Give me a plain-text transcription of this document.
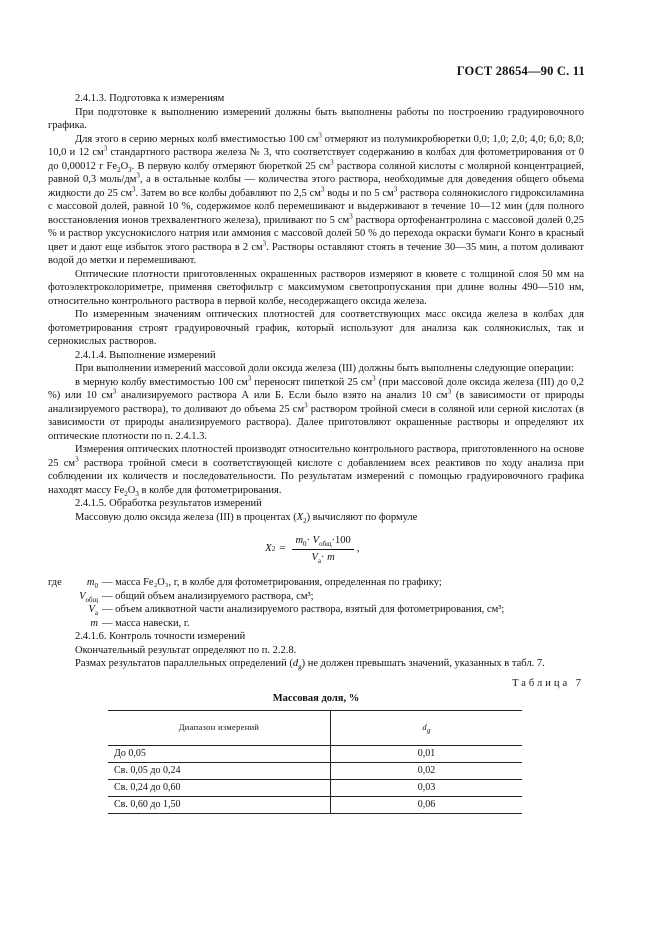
ГОСТ 28654—90 С. 11

2.4.1.3. Подготовка к измерениям

При подготовке к выполнению измерений должны быть выполнены работы по построению градуировочного графика.

Для этого в серию мерных колб вместимостью 100 $см^3$ отмеряют из полумикробюретки 0,0; 1,0; 2,0; 4,0; 6,0; 8,0; 10,0 и 12 $см^3$ стандартного раствора железа № 3, что соответствует содержанию в колбах для фотометрирования от 0 до 0,00012 г $Fe_2O_3$. В первую колбу отмеряют бюреткой 25 $см^3$ раствора соляной кислоты с молярной концентрацией, равной 0,3 моль/$дм^3$, а в остальные колбы — количества этого раствора, необходимые для доведения общего объема жидкости до 25 $см^3$. Затем во все колбы добавляют по 2,5 $см^3$ воды и по 5 $см^3$ раствора солянокислого гидроксиламина с массовой долей, равной 10 %, содержимое колб перемешивают и выдерживают в течение 10—12 мин (для полного восстановления ионов трехвалентного железа), приливают по 5 $см^3$ раствора ортофенантролина с массовой долей 0,25 % и раствор уксуснокислого натрия или аммония с массовой долей 50 % до перехода окраски бумаги Конго в красный цвет и дают еще избыток этого раствора в 2 $см^3$. Растворы оставляют стоять в течение 30—35 мин, а потом доливают водой до метки и перемешивают.

Оптические плотности приготовленных окрашенных растворов измеряют в кювете с толщиной слоя 50 мм на фотоэлектроколориметре, применяя светофильтр с максимумом светопропускания при длине волны 490—510 нм, относительно контрольного раствора в первой колбе, несодержащего оксида железа.

По измеренным значениям оптических плотностей для соответствующих масс оксида железа в колбах для фотометрирования строят градуировочный график, который используют для анализа как солянокислых, так и сернокислых растворов.

2.4.1.4. Выполнение измерений

При выполнении измерений массовой доли оксида железа (III) должны быть выполнены следующие операции:

в мерную колбу вместимостью 100 $см^3$ переносят пипеткой 25 $см^3$ (при массовой доле оксида железа (III) до 0,2 %) или 10 $см^3$ анализируемого раствора А или Б. Если было взято на анализ 10 $см^3$ (в зависимости от природы анализируемого раствора), то доливают до объема 25 $см^3$ раствором тройной смеси в соляной или серной кислотах (в зависимости от природы анализируемого раствора). Далее приготовляют окрашенные растворы и определяют их оптические плотности по п. 2.4.1.3.

Измерения оптических плотностей производят относительно контрольного раствора, приготовленного на основе 25 $см^3$ раствора тройной смеси в соответствующей кислоте с добавлением всех реактивов по ходу анализа при соблюдении их количеств и последовательности. По результатам измерений с помощью градуировочного графика находят массу $Fe_2O_3$ в колбе для фотометрирования.

2.4.1.5. Обработка результатов измерений

Массовую долю оксида железа (III) в процентах $(X_2)$ вычисляют по формуле

X $2 = \frac{m_0\cdot V_{общ}\cdot 100}{V_а\cdot m}$ ,
где	$m_0$ — масса Fe₂O₃, г, в колбе для фотометрирования, определенная по графику;
$V_{общ}$ — общий объем анализируемого раствора, см³;
$V_а$ — объем аликвотной части анализируемого раствора, взятый для фотометрирования, см³;
m — масса навески, г.

2.4.1.6. Контроль точности измерений

Окончательный результат определяют по п. 2.2.8.

Размах результатов параллельных определений $(d_g)$ не должен превышать значений, указанных в табл. 7.

Таблица 7
Массовая доля, %
Диапазон измерений	$d_g$
До 0,05	0,01
Св. 0,05 до 0,24	0,02
Св. 0,24 до 0,60	0,03
Св. 0,60 до 1,50	0,06
